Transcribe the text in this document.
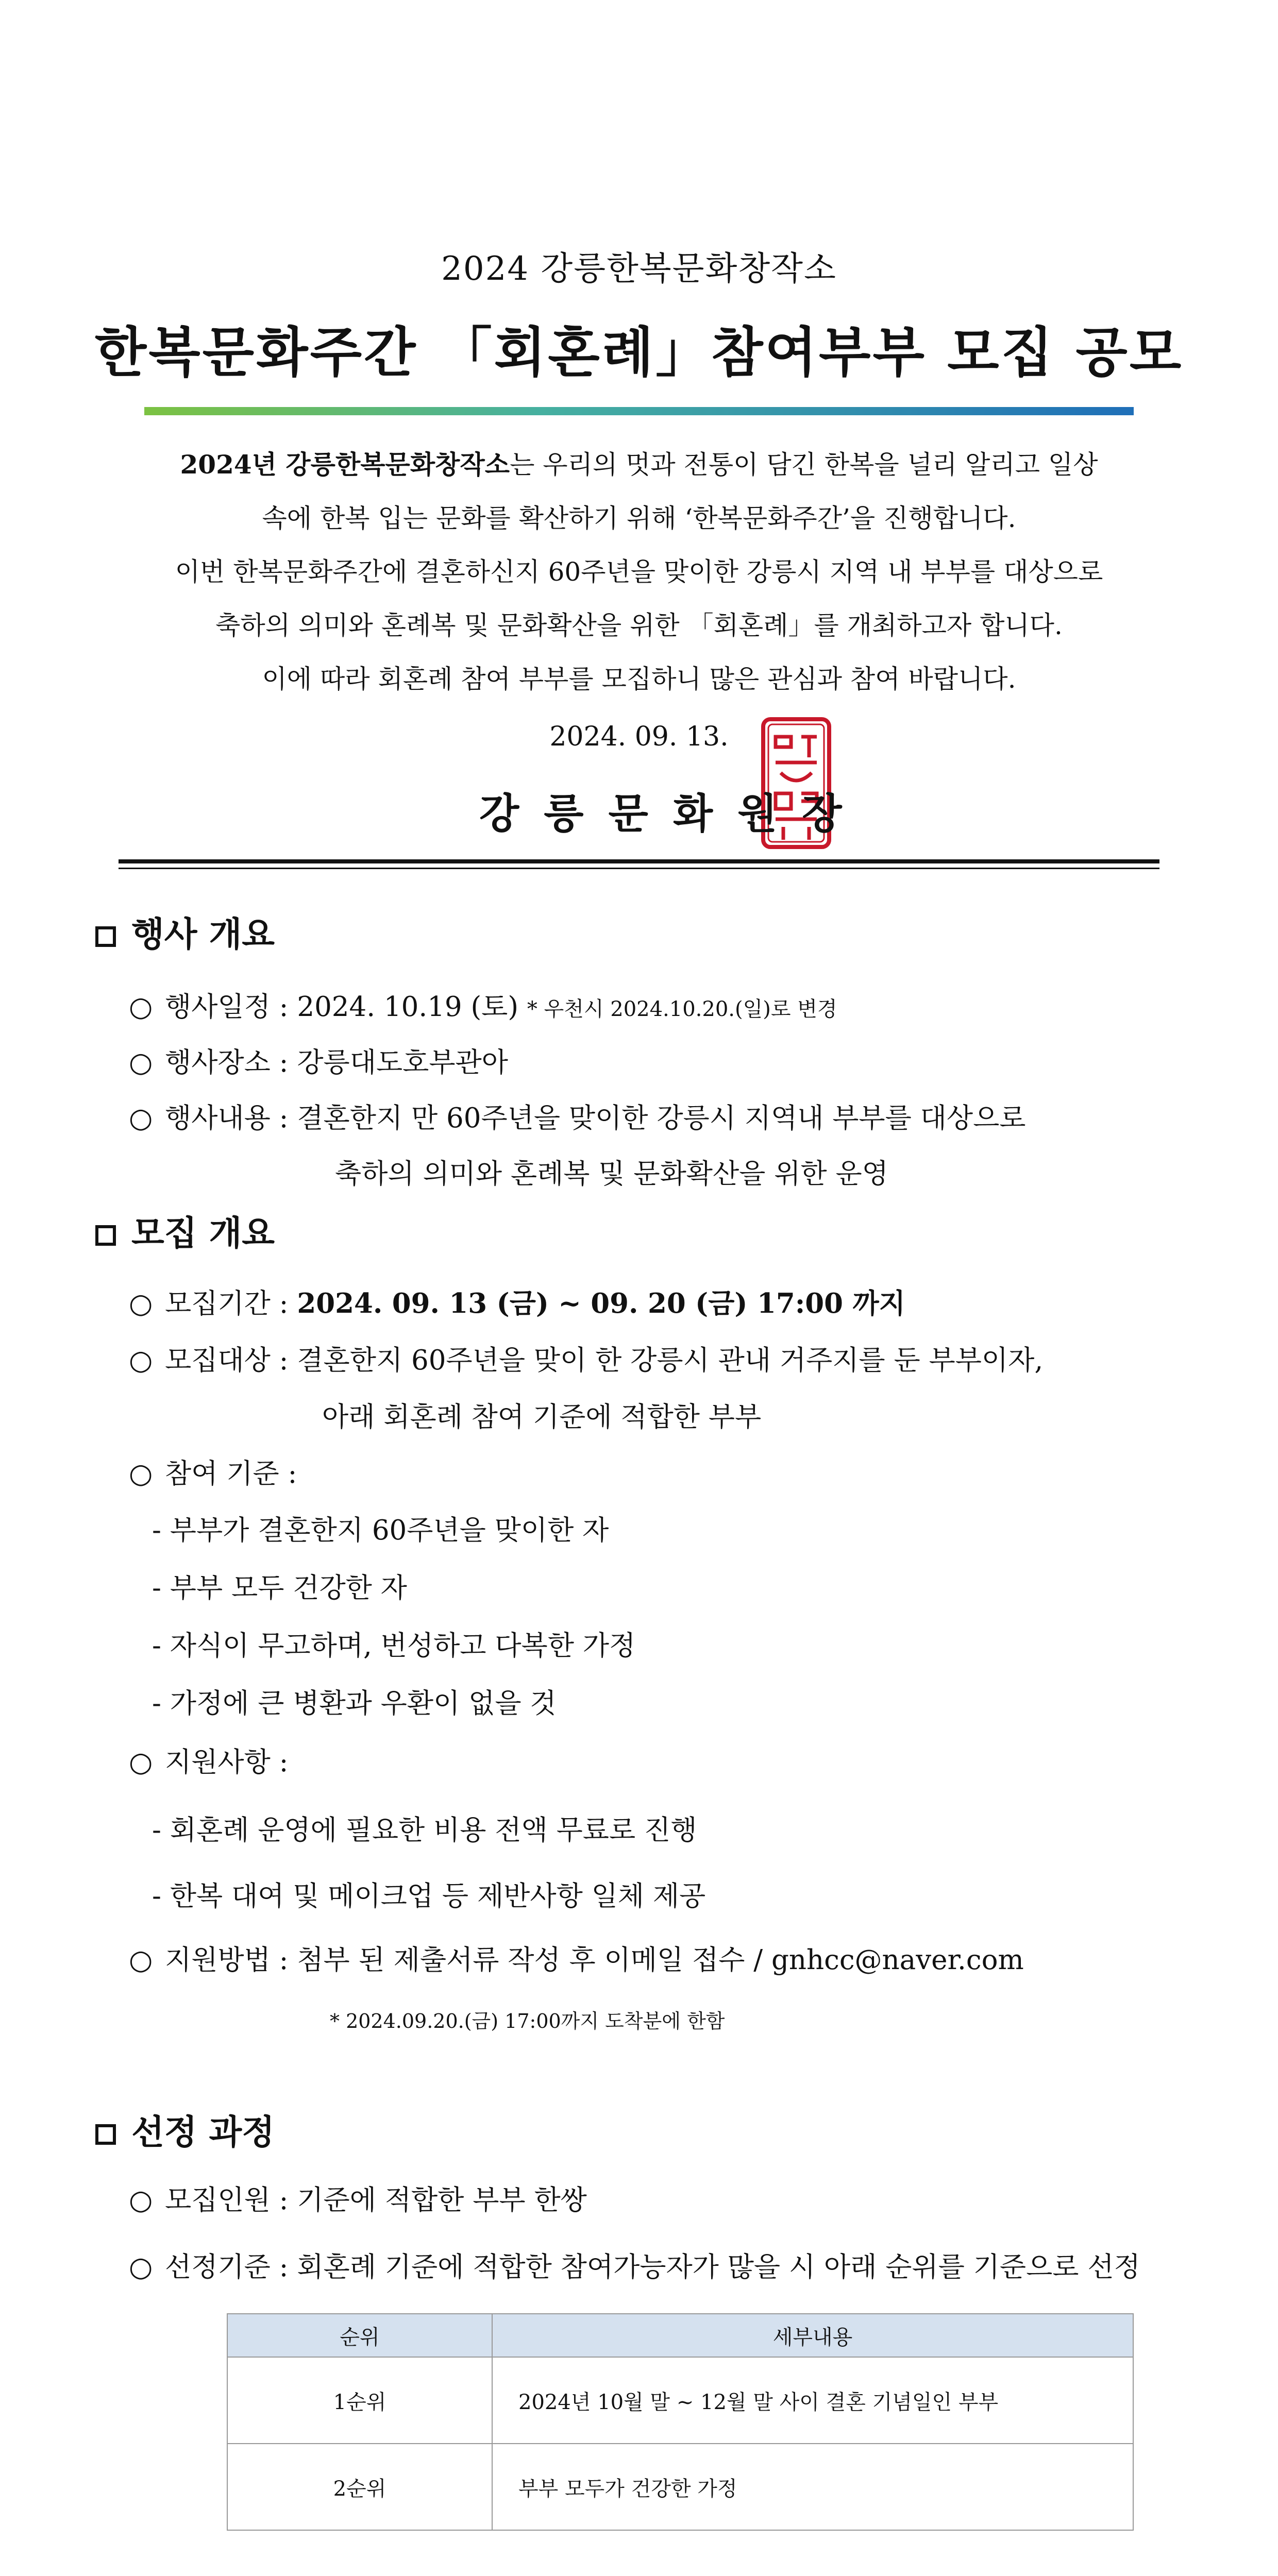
2024 강릉한복문화창작소
한복문화주간 「회혼례」참여부부 모집 공모
2024년 강릉한복문화창작소는 우리의 멋과 전통이 담긴 한복을 널리 알리고 일상
속에 한복 입는 문화를 확산하기 위해 ‘한복문화주간’을 진행합니다.
이번 한복문화주간에 결혼하신지 60주년을 맞이한 강릉시 지역 내 부부를 대상으로
축하의 의미와 혼례복 및 문화확산을 위한 「회혼례」를 개최하고자 합니다.
이에 따라 회혼례 참여 부부를 모집하니 많은 관심과 참여 바랍니다.
2024. 09. 13.
강릉문화원장
행사 개요
○ 행사일정 : 2024. 10.19 (토) * 우천시 2024.10.20.(일)로 변경
○ 행사장소 : 강릉대도호부관아
○ 행사내용 : 결혼한지 만 60주년을 맞이한 강릉시 지역내 부부를 대상으로
축하의 의미와 혼례복 및 문화확산을 위한 운영
모집 개요
○ 모집기간 : 2024. 09. 13 (금) ~ 09. 20 (금) 17:00 까지
○ 모집대상 : 결혼한지 60주년을 맞이 한 강릉시 관내 거주지를 둔 부부이자,
아래 회혼례 참여 기준에 적합한 부부
○ 참여 기준 :
- 부부가 결혼한지 60주년을 맞이한 자
- 부부 모두 건강한 자
- 자식이 무고하며, 번성하고 다복한 가정
- 가정에 큰 병환과 우환이 없을 것
○ 지원사항 :
- 회혼례 운영에 필요한 비용 전액 무료로 진행
- 한복 대여 및 메이크업 등 제반사항 일체 제공
○ 지원방법 : 첨부 된 제출서류 작성 후 이메일 접수 / gnhcc@naver.com
* 2024.09.20.(금) 17:00까지 도착분에 한함
선정 과정
○ 모집인원 : 기준에 적합한 부부 한쌍
○ 선정기준 : 회혼례 기준에 적합한 참여가능자가 많을 시 아래 순위를 기준으로 선정
순위	세부내용
1순위	2024년 10월 말 ~ 12월 말 사이 결혼 기념일인 부부
2순위	부부 모두가 건강한 가정
